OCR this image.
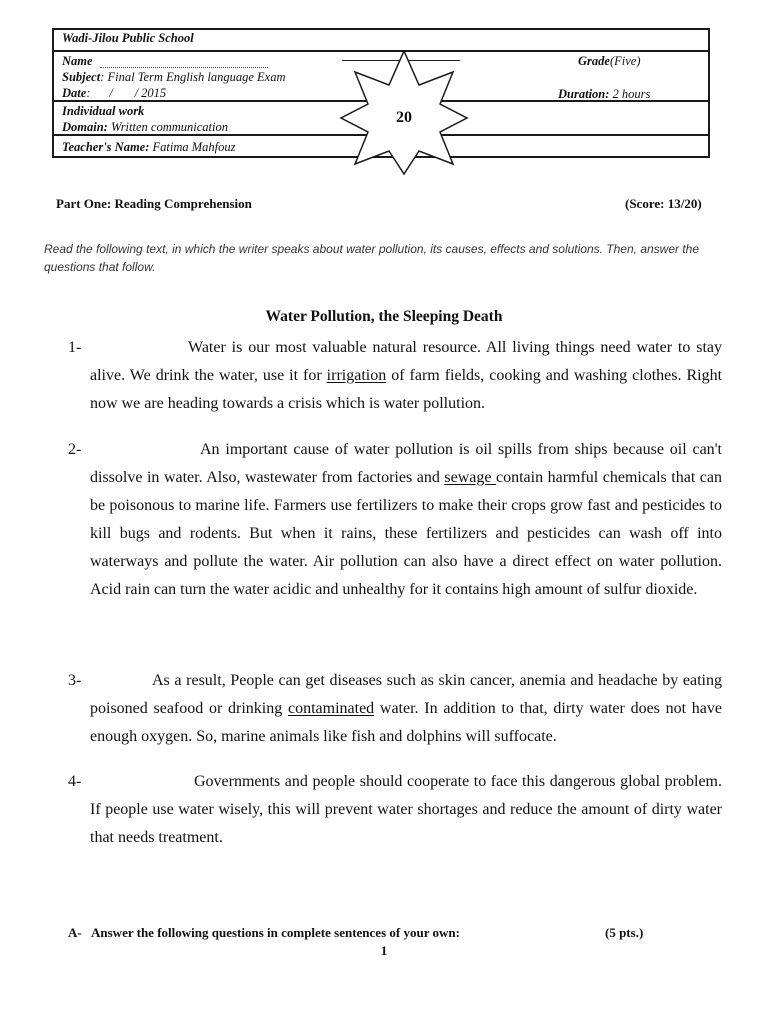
Wadi-Jilou Public School
Name	Grade(Five)
Subject: Final Term English language Exam
Date:      /       / 2015	Duration: 2 hours
Individual work
Domain: Written communication
Teacher's Name: Fatima Mahfouz
20
Part One: Reading Comprehension	(Score: 13/20)
Read the following text, in which the writer speaks about water pollution, its causes, effects and solutions. Then, answer the questions that follow.
Water Pollution, the Sleeping Death
1-	Water is our most valuable natural resource. All living things need water to stay alive. We drink the water, use it for irrigation of farm fields, cooking and washing clothes. Right now we are heading towards a crisis which is water pollution.

2-	An important cause of water pollution is oil spills from ships because oil can't dissolve in water. Also, wastewater from factories and sewage contain harmful chemicals that can be poisonous to marine life. Farmers use fertilizers to make their crops grow fast and pesticides to kill bugs and rodents. But when it rains, these fertilizers and pesticides can wash off into waterways and pollute the water. Air pollution can also have a direct effect on water pollution. Acid rain can turn the water acidic and unhealthy for it contains high amount of sulfur dioxide.

3-	As a result, People can get diseases such as skin cancer, anemia and headache by eating poisoned seafood or drinking contaminated water. In addition to that, dirty water does not have enough oxygen. So, marine animals like fish and dolphins will suffocate.

4-	Governments and people should cooperate to face this dangerous global problem. If people use water wisely, this will prevent water shortages and reduce the amount of dirty water that needs treatment.

A- Answer the following questions in complete sentences of your own:	(5 pts.)
1
